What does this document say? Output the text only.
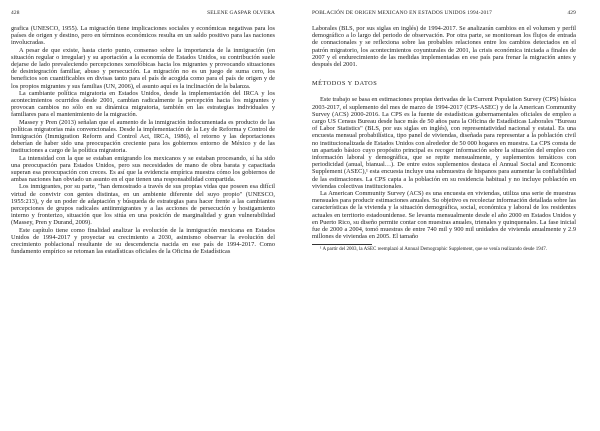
428	SELENE GASPAR OLVERA

grafica (UNESCO, 1955). La migración tiene implicaciones sociales y económicas negativas para los países de origen y destino, pero en términos económicos resulta en un saldo positivo para las naciones involucradas.

A pesar de que existe, hasta cierto punto, consenso sobre la importancia de la inmigración (en situación regular o irregular) y su aportación a la economía de Estados Unidos, su contribución suele dejarse de lado prevaleciendo percepciones xenofóbicas hacia los migrantes y provocando situaciones de desintegración familiar, abuso y persecución. La migración no es un juego de suma cero, los beneficios son cuantificables en divisas tanto para el país de acogida como para el país de origen y de los propios migrantes y sus familias (UN, 2006), el asunto aquí es la inclinación de la balanza.

La cambiante política migratoria en Estados Unidos, desde la implementación del IRCA y los acontecimientos ocurridos desde 2001, cambian radicalmente la percepción hacia los migrantes y provocan cambios no sólo en su dinámica migratoria, también en las estrategias individuales y familiares para el mantenimiento de la migración.

Massey y Pren (2013) señalan que el aumento de la inmigración indocumentada es producto de las políticas migratorias más convencionales. Desde la implementación de la Ley de Reforma y Control de Inmigración (Immigration Reform and Control Act, IRCA, 1986), el retorno y las deportaciones deberían de haber sido una preocupación creciente para los gobiernos entorno de México y de las instituciones a cargo de la política migratoria.

La intensidad con la que se estaban emigrando los mexicanos y se estaban procesando, sí ha sido una preocupación para Estados Unidos, pero sus necesidades de mano de obra barata y capacitada superan esa preocupación con creces. Es así que la evidencia empírica muestra cómo los gobiernos de ambas naciones han obviado un asunto en el que tienen una responsabilidad compartida.

Los inmigrantes, por su parte, "han demostrado a través de sus propias vidas que poseen esa difícil virtud de convivir con gentes distintas, en un ambiente diferente del suyo propio" (UNESCO, 1955:213), y de un poder de adaptación y búsqueda de estrategias para hacer frente a las cambiantes percepciones de grupos radicales antiinmigrantes y a las acciones de persecución y hostigamiento interno y fronterizo, situación que los sitúa en una posición de marginalidad y gran vulnerabilidad (Massey, Pren y Durand, 2009).

Este capítulo tiene como finalidad analizar la evolución de la inmigración mexicana en Estados Unidos de 1994-2017 y proyectar su crecimiento a 2030, asimismo observar la evolución del crecimiento poblacional resultante de su descendencia nacida en ese país de 1994-2017. Como fundamento empírico se retoman las estadísticas oficiales de la Oficina de Estadísticas

POBLACIÓN DE ORIGEN MEXICANO EN ESTADOS UNIDOS 1994-2017	429

Laborales (BLS, por sus siglas en inglés) de 1994-2017. Se analizarán cambios en el volumen y perfil demográfico a lo largo del periodo de observación. Por otra parte, se monitorean los flujos de entrada de connacionales y se reflexiona sobre las probables relaciones entre los cambios detectados en el patrón migratorio, los acontecimientos coyunturales de 2001, la crisis económica iniciada a finales de 2007 y el endurecimiento de las medidas implementadas en ese país para frenar la migración antes y después del 2001.

MÉTODOS Y DATOS

Este trabajo se basa en estimaciones propias derivadas de la Current Population Survey (CPS) básica 2003-2017, el suplemento del mes de marzo de 1994-2017 (CPS-ASEC) y de la American Community Survey (ACS) 2000-2016. La CPS es la fuente de estadísticas gubernamentales oficiales de empleo a cargo US Census Bureau desde hace más de 50 años para la Oficina de Estadísticas Laborales "Bureau of Labor Statistics" (BLS, por sus siglas en inglés), con representatividad nacional y estatal. Es una encuesta mensual probabilística, tipo panel de viviendas, diseñada para representar a la población civil no institucionalizada de Estados Unidos con alrededor de 50 000 hogares en muestra. La CPS consta de un apartado básico cuyo propósito principal es recoger información sobre la situación del empleo con información laboral y demográfica, que se repite mensualmente, y suplementos temáticos con periodicidad (anual, bianual…). De entre estos suplementos destaca el Annual Social and Economic Supplement (ASEC),¹ esta encuesta incluye una submuestra de hispanos para aumentar la confiabilidad de las estimaciones. La CPS capta a la población en su residencia habitual y no incluye población en viviendas colectivas institucionales.

La American Community Survey (ACS) es una encuesta en viviendas, utiliza una serie de muestras mensuales para producir estimaciones anuales. Su objetivo es recolectar información detallada sobre las características de la vivienda y la situación demográfica, social, económica y laboral de los residentes actuales en territorio estadounidense. Se levanta mensualmente desde el año 2000 en Estados Unidos y en Puerto Rico, su diseño permite contar con muestras anuales, trienales y quinquenales. La fase inicial fue de 2000 a 2004, tomó muestras de entre 740 mil y 900 mil unidades de vivienda anualmente y 2.9 millones de viviendas en 2005. El tamaño

¹ A partir del 2003, la ASEC reemplazó al Annual Demographic Supplement, que se venía realizando desde 1947.
